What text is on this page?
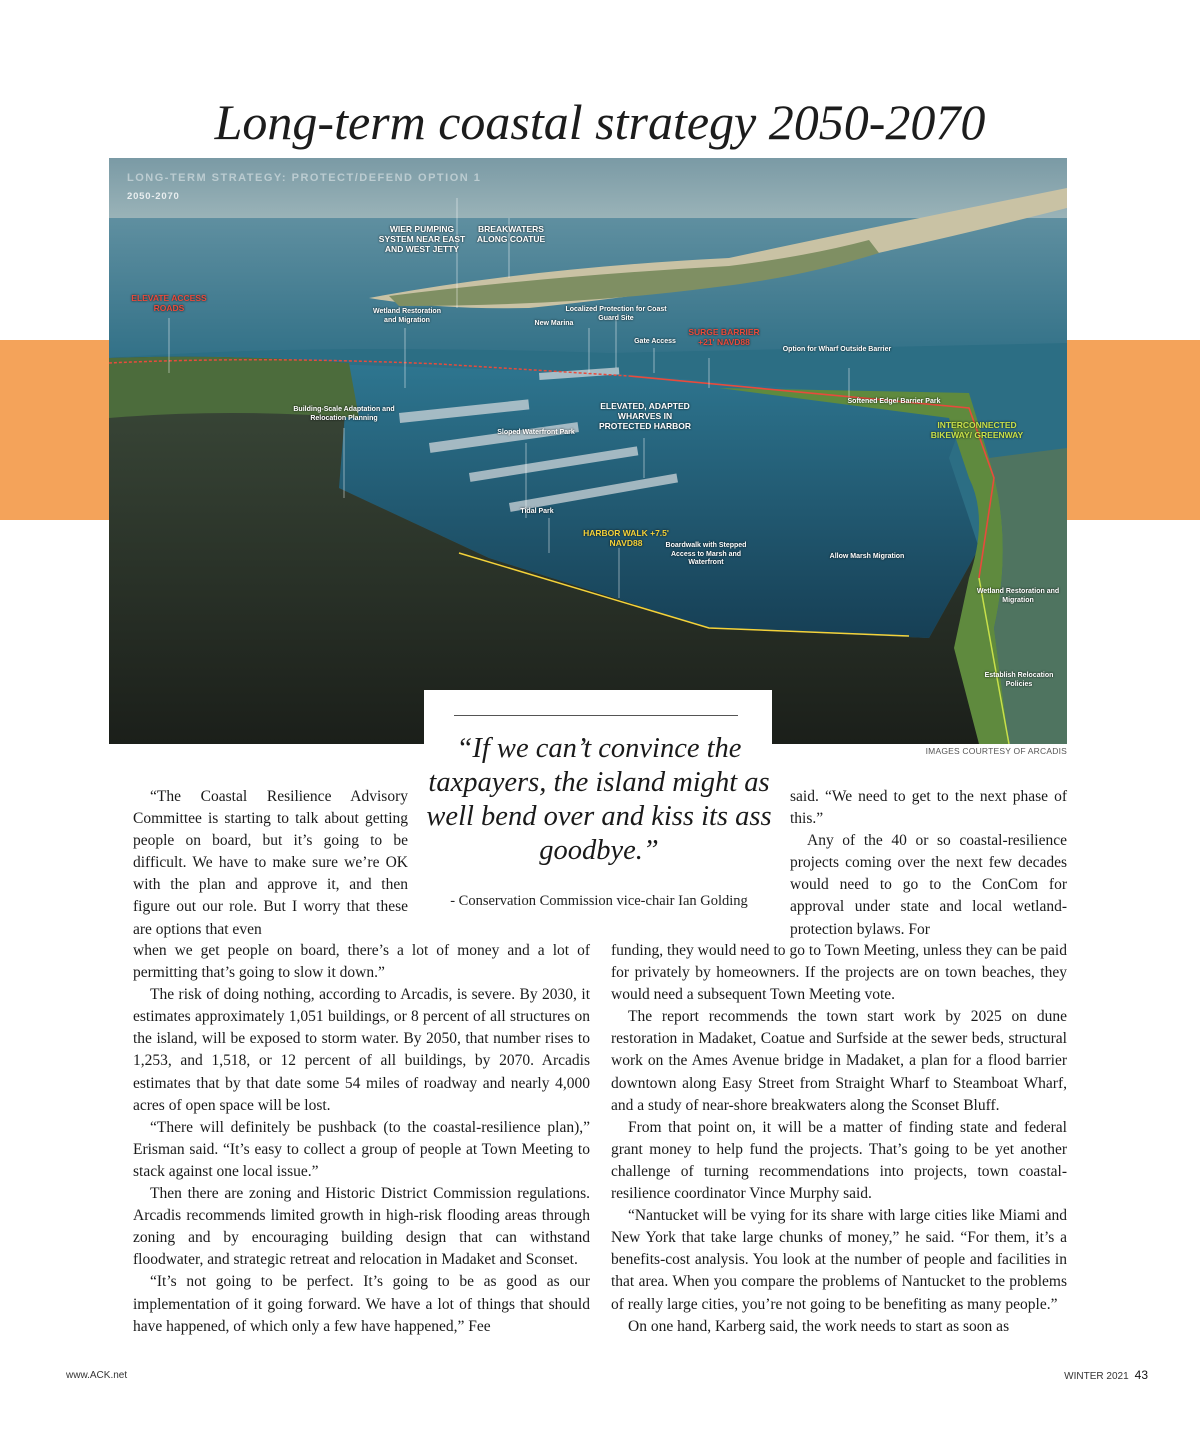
Long-term coastal strategy 2050-2070
LONG-TERM STRATEGY: PROTECT/DEFEND OPTION 1
2050-2070
WIER PUMPING SYSTEM NEAR EAST AND WEST JETTY
BREAKWATERS ALONG COATUE
ELEVATE ACCESS ROADS	Wetland Restoration and Migration	New Marina
Localized Protection for Coast Guard Site
Gate Access
SURGE BARRIER +21' NAVD88
Option for Wharf Outside Barrier
Softened Edge/ Barrier Park
INTERCONNECTED BIKEWAY/ GREENWAY
Building-Scale Adaptation and Relocation Planning
ELEVATED, ADAPTED WHARVES IN PROTECTED HARBOR
Sloped Waterfront Park
Tidal Park
HARBOR WALK +7.5' NAVD88	Boardwalk with Stepped Access to Marsh and Waterfront
Allow Marsh Migration
Wetland Restoration and Migration
Establish Relocation Policies
IMAGES COURTESY OF ARCADIS
“If we can’t convince the taxpayers, the island might as well bend over and kiss its ass goodbye.”
- Conservation Commission vice-chair Ian Golding

“The Coastal Resilience Advisory Committee is starting to talk about getting people on board, but it’s going to be difficult. We have to make sure we’re OK with the plan and approve it, and then figure out our role. But I worry that these are options that even

when we get people on board, there’s a lot of money and a lot of permitting that’s going to slow it down.”

The risk of doing nothing, according to Arcadis, is severe. By 2030, it estimates approximately 1,051 buildings, or 8 percent of all structures on the island, will be exposed to storm water. By 2050, that number rises to 1,253, and 1,518, or 12 percent of all buildings, by 2070. Arcadis estimates that by that date some 54 miles of roadway and nearly 4,000 acres of open space will be lost.

“There will definitely be pushback (to the coastal-resilience plan),” Erisman said. “It’s easy to collect a group of people at Town Meeting to stack against one local issue.”

Then there are zoning and Historic District Commission regulations. Arcadis recommends limited growth in high-risk flooding areas through zoning and by encouraging building design that can withstand floodwater, and strategic retreat and relocation in Madaket and Sconset.

“It’s not going to be perfect. It’s going to be as good as our implementation of it going forward. We have a lot of things that should have happened, of which only a few have happened,” Fee

said. “We need to get to the next phase of this.”

Any of the 40 or so coastal-resilience projects coming over the next few decades would need to go to the ConCom for approval under state and local wetland-protection bylaws. For

funding, they would need to go to Town Meeting, unless they can be paid for privately by homeowners. If the projects are on town beaches, they would need a subsequent Town Meeting vote.

The report recommends the town start work by 2025 on dune restoration in Madaket, Coatue and Surfside at the sewer beds, structural work on the Ames Avenue bridge in Madaket, a plan for a flood barrier downtown along Easy Street from Straight Wharf to Steamboat Wharf, and a study of near-shore breakwaters along the Sconset Bluff.

From that point on, it will be a matter of finding state and federal grant money to help fund the projects. That’s going to be yet another challenge of turning recommendations into projects, town coastal-resilience coordinator Vince Murphy said.

“Nantucket will be vying for its share with large cities like Miami and New York that take large chunks of money,” he said. “For them, it’s a benefits-cost analysis. You look at the number of people and facilities in that area. When you compare the problems of Nantucket to the problems of really large cities, you’re not going to be benefiting as many people.”

On one hand, Karberg said, the work needs to start as soon as

www.ACK.net	WINTER 2021 43
